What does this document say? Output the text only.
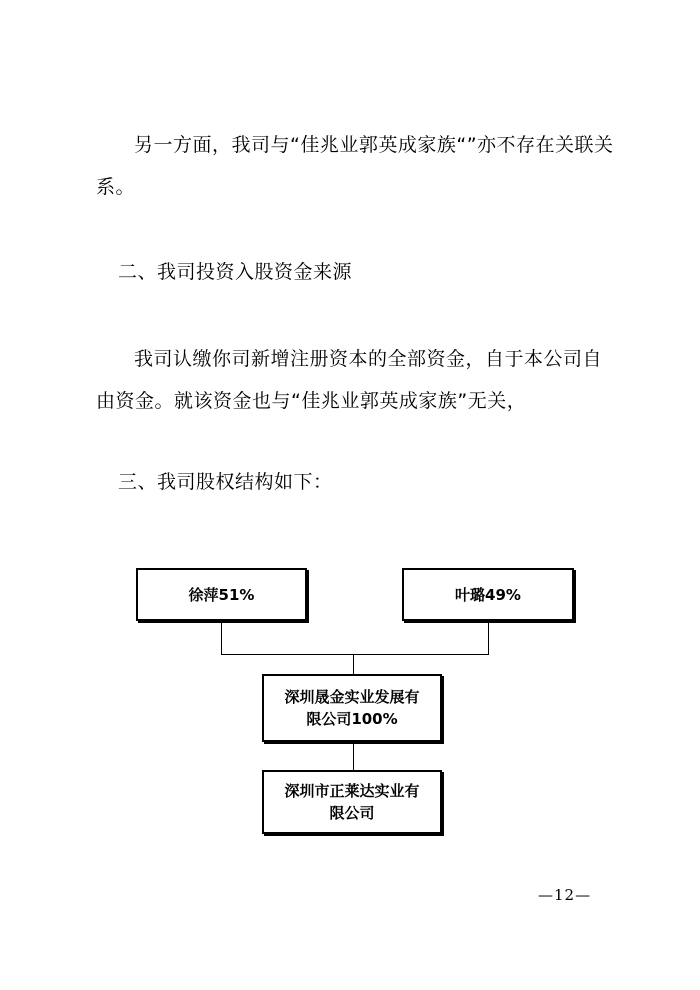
另一方面，我司与“佳兆业郭英成家族“”亦不存在关联关系。

二、我司投资入股资金来源

我司认缴你司新增注册资本的全部资金，自于本公司自由资金。就该资金也与“佳兆业郭英成家族”无关，

三、我司股权结构如下：

徐萍51%	叶璐49%
深圳晟金实业发展有
限公司100%
深圳市正莱达实业有
限公司
—12—
